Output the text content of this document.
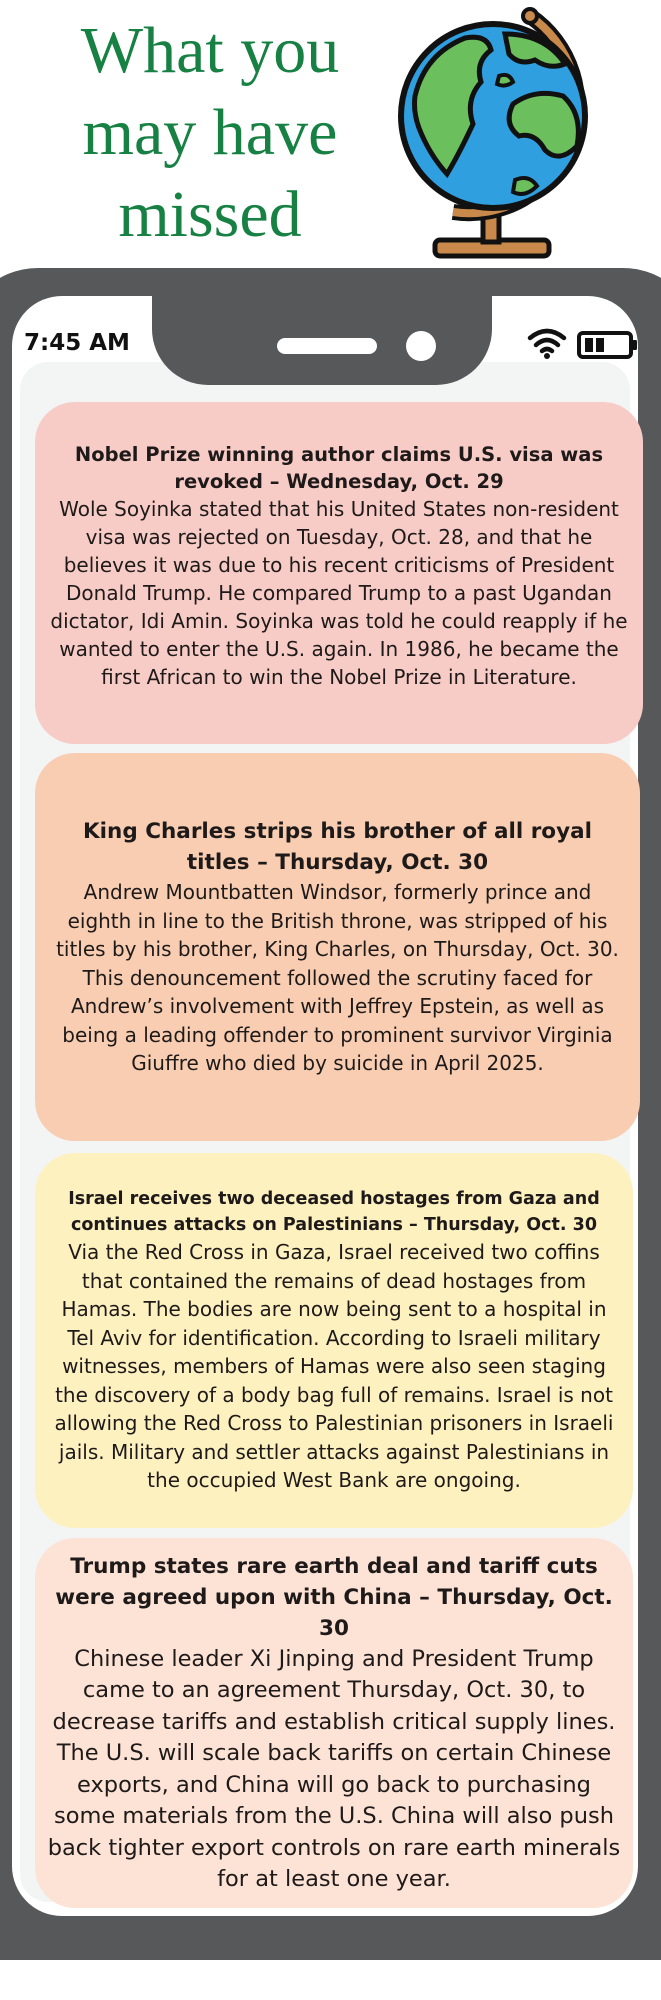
What you
may have
missed
7:45 AM

Nobel Prize winning author claims U.S. visa was revoked – Wednesday, Oct. 29

Wole Soyinka stated that his United States non-resident visa was rejected on Tuesday, Oct. 28, and that he believes it was due to his recent criticisms of President Donald Trump. He compared Trump to a past Ugandan dictator, Idi Amin. Soyinka was told he could reapply if he wanted to enter the U.S. again. In 1986, he became the first African to win the Nobel Prize in Literature.

King Charles strips his brother of all royal titles – Thursday, Oct. 30

Andrew Mountbatten Windsor, formerly prince and eighth in line to the British throne, was stripped of his titles by his brother, King Charles, on Thursday, Oct. 30. This denouncement followed the scrutiny faced for Andrew’s involvement with Jeffrey Epstein, as well as being a leading offender to prominent survivor Virginia Giuffre who died by suicide in April 2025.

Israel receives two deceased hostages from Gaza and continues attacks on Palestinians – Thursday, Oct. 30

Via the Red Cross in Gaza, Israel received two coffins that contained the remains of dead hostages from Hamas. The bodies are now being sent to a hospital in Tel Aviv for identification. According to Israeli military witnesses, members of Hamas were also seen staging the discovery of a body bag full of remains. Israel is not allowing the Red Cross to Palestinian prisoners in Israeli jails. Military and settler attacks against Palestinians in the occupied West Bank are ongoing.

Trump states rare earth deal and tariff cuts were agreed upon with China – Thursday, Oct. 30

Chinese leader Xi Jinping and President Trump came to an agreement Thursday, Oct. 30, to decrease tariffs and establish critical supply lines. The U.S. will scale back tariffs on certain Chinese exports, and China will go back to purchasing some materials from the U.S. China will also push back tighter export controls on rare earth minerals for at least one year.
